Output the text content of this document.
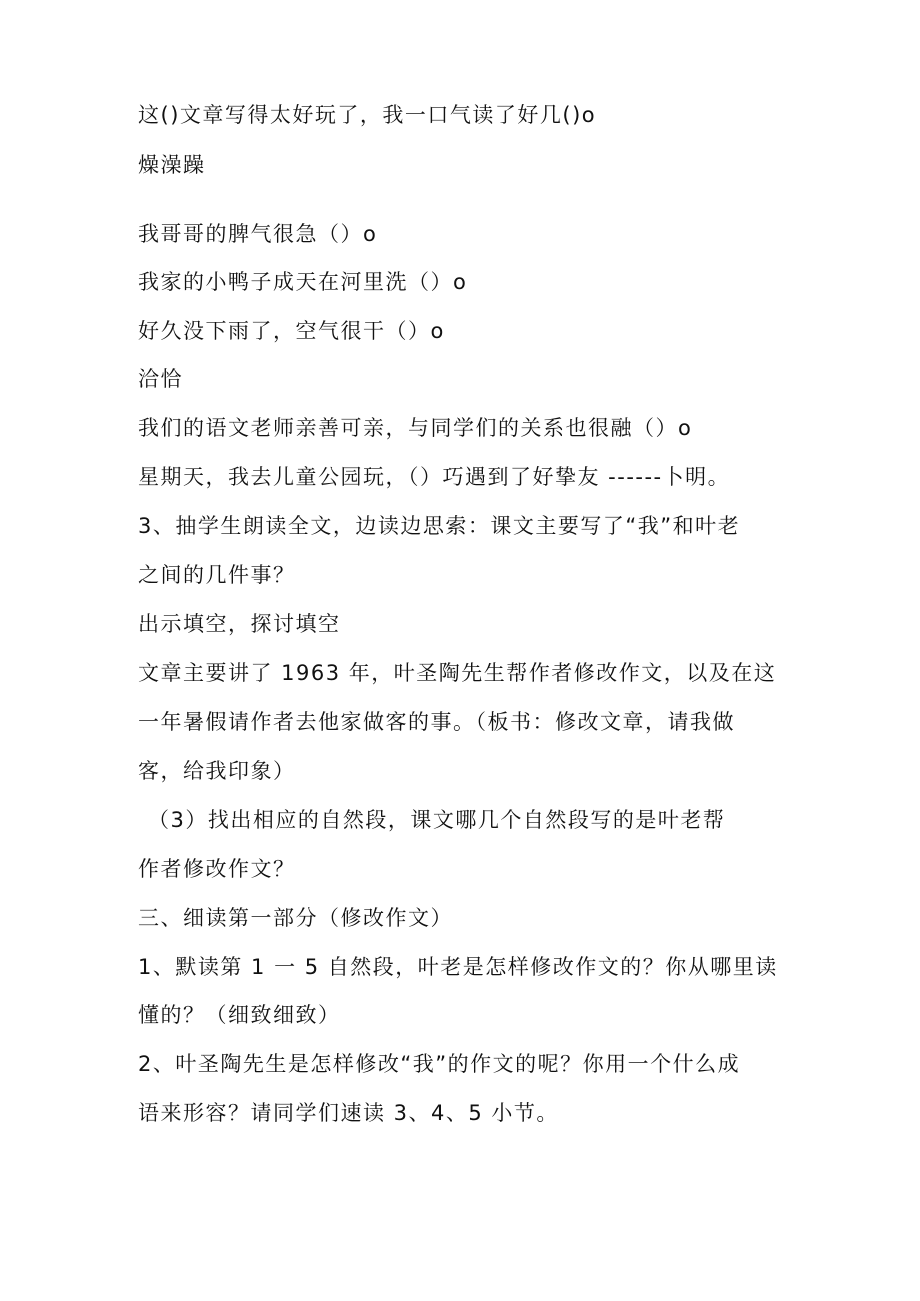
这()文章写得太好玩了，我一口气读了好几()o
燥澡躁
我哥哥的脾气很急（）o
我家的小鸭子成天在河里洗（）o
好久没下雨了，空气很干（）o
洽恰
我们的语文老师亲善可亲，与同学们的关系也很融（）o
星期天，我去儿童公园玩，（）巧遇到了好挚友 ------卜明。
3、抽学生朗读全文，边读边思索：课文主要写了“我”和叶老
之间的几件事？
出示填空，探讨填空
文章主要讲了 1963 年，叶圣陶先生帮作者修改作文，以及在这
一年暑假请作者去他家做客的事。（板书：修改文章，请我做
客，给我印象）
（3）找出相应的自然段，课文哪几个自然段写的是叶老帮
作者修改作文？
三、细读第一部分（修改作文）
1、默读第 1 一 5 自然段，叶老是怎样修改作文的？你从哪里读
懂的？（细致细致）
2、叶圣陶先生是怎样修改“我”的作文的呢？你用一个什么成
语来形容？请同学们速读 3、4、5 小节。
